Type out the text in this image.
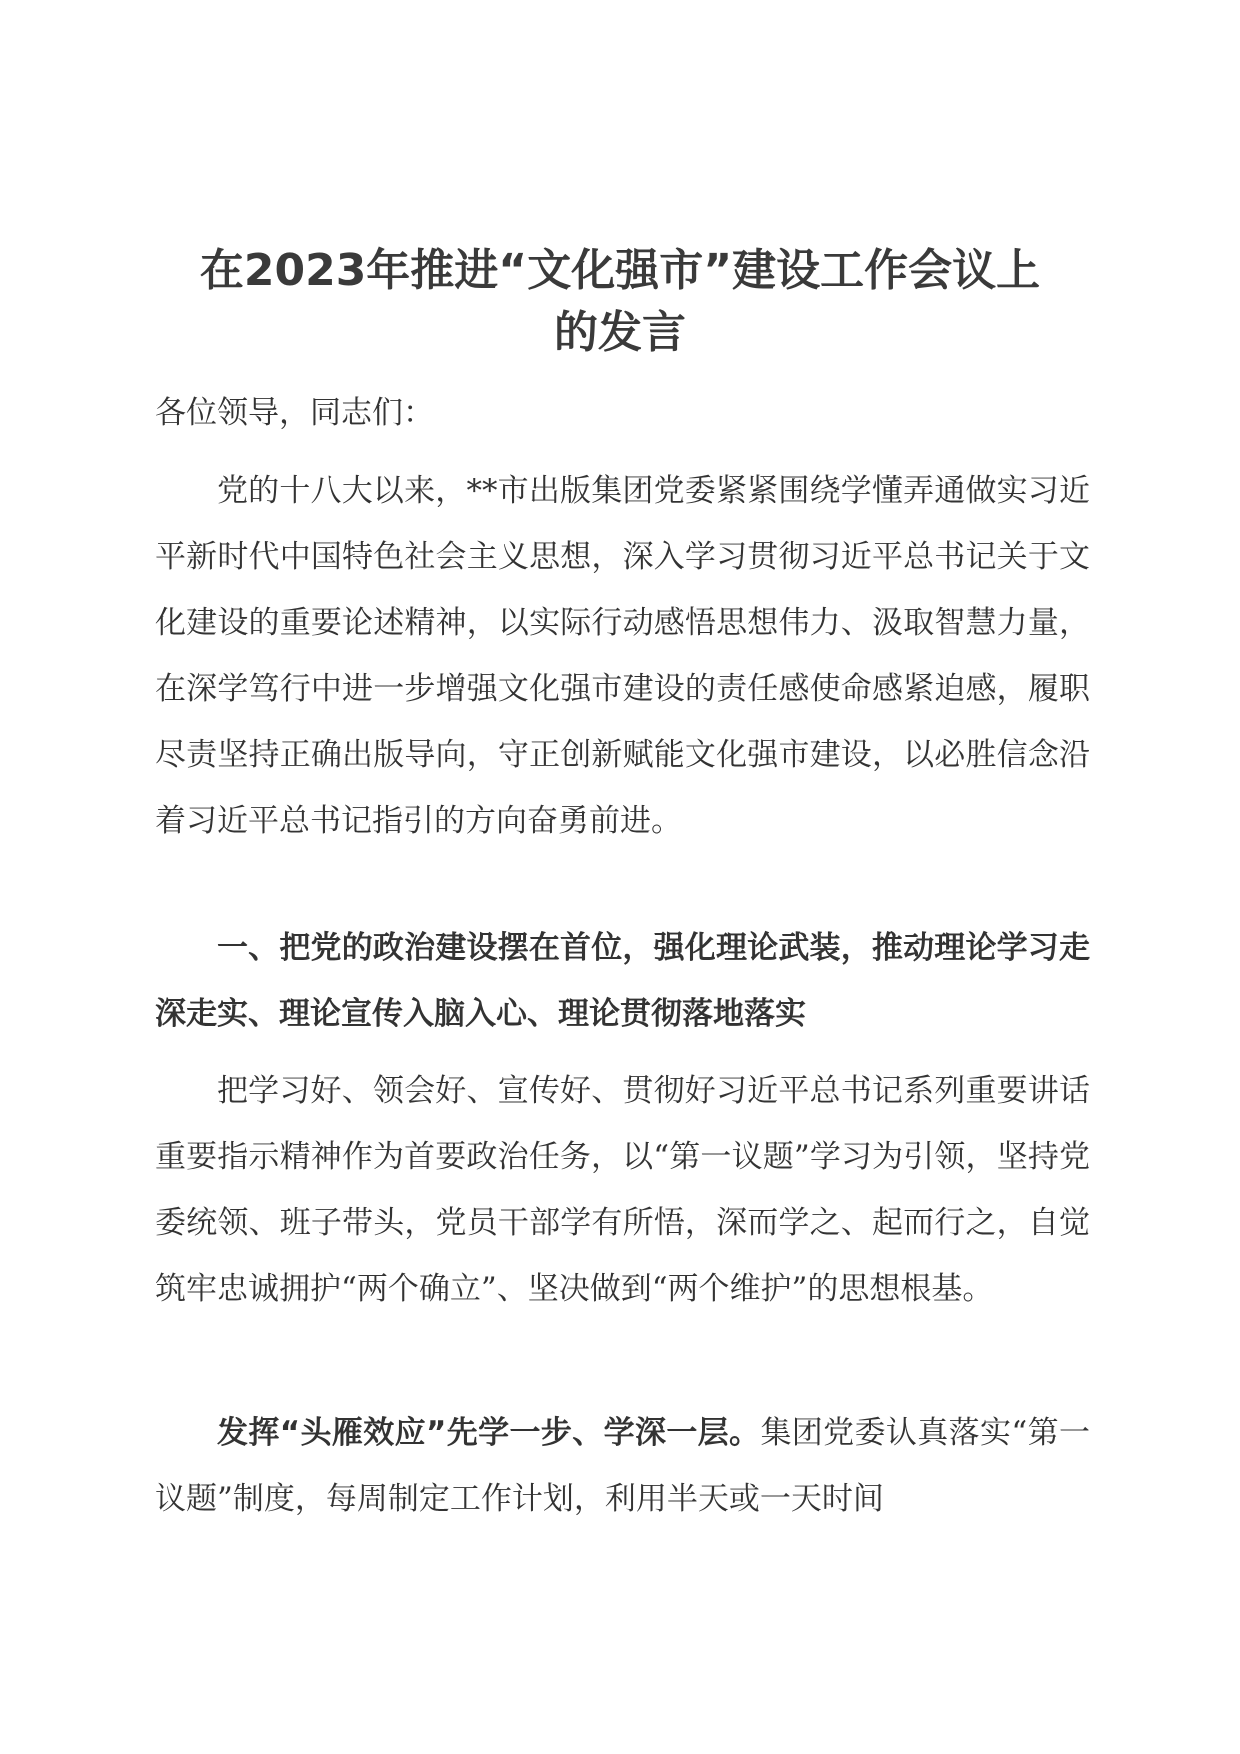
在2023年推进“文化强市”建设工作会议上
的发言

各位领导，同志们：

党的十八大以来，**市出版集团党委紧紧围绕学懂弄通做实习近平新时代中国特色社会主义思想，深入学习贯彻习近平总书记关于文化建设的重要论述精神，以实际行动感悟思想伟力、汲取智慧力量，在深学笃行中进一步增强文化强市建设的责任感使命感紧迫感，履职尽责坚持正确出版导向，守正创新赋能文化强市建设，以必胜信念沿着习近平总书记指引的方向奋勇前进。

一、把党的政治建设摆在首位，强化理论武装，推动理论学习走深走实、理论宣传入脑入心、理论贯彻落地落实

把学习好、领会好、宣传好、贯彻好习近平总书记系列重要讲话重要指示精神作为首要政治任务，以“第一议题”学习为引领，坚持党委统领、班子带头，党员干部学有所悟，深而学之、起而行之，自觉筑牢忠诚拥护“两个确立”、坚决做到“两个维护”的思想根基。

发挥“头雁效应”先学一步、学深一层。集团党委认真落实“第一议题”制度，每周制定工作计划，利用半天或一天时间
